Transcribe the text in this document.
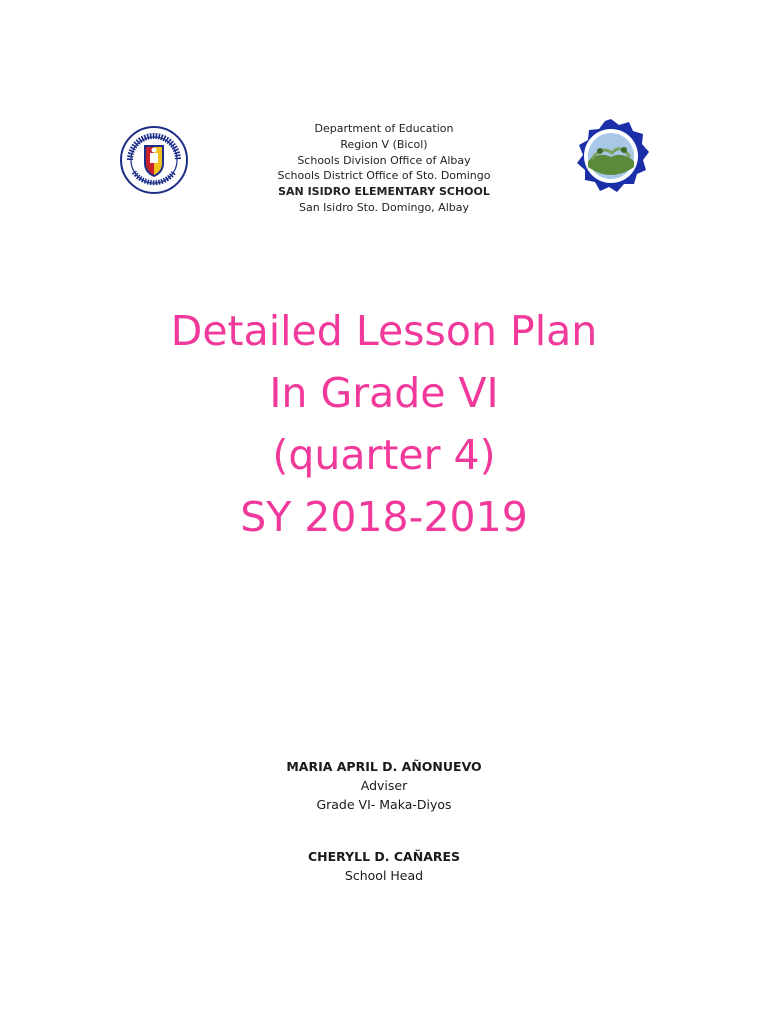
Department of Education
Region V (Bicol)
Schools Division Office of Albay
Schools District Office of Sto. Domingo
SAN ISIDRO ELEMENTARY SCHOOL
San Isidro Sto. Domingo, Albay
Detailed Lesson Plan
In Grade VI
(quarter 4)
SY 2018-2019
MARIA APRIL D. AÑONUEVO
Adviser
Grade VI- Maka-Diyos
CHERYLL D. CAÑARES
School Head
